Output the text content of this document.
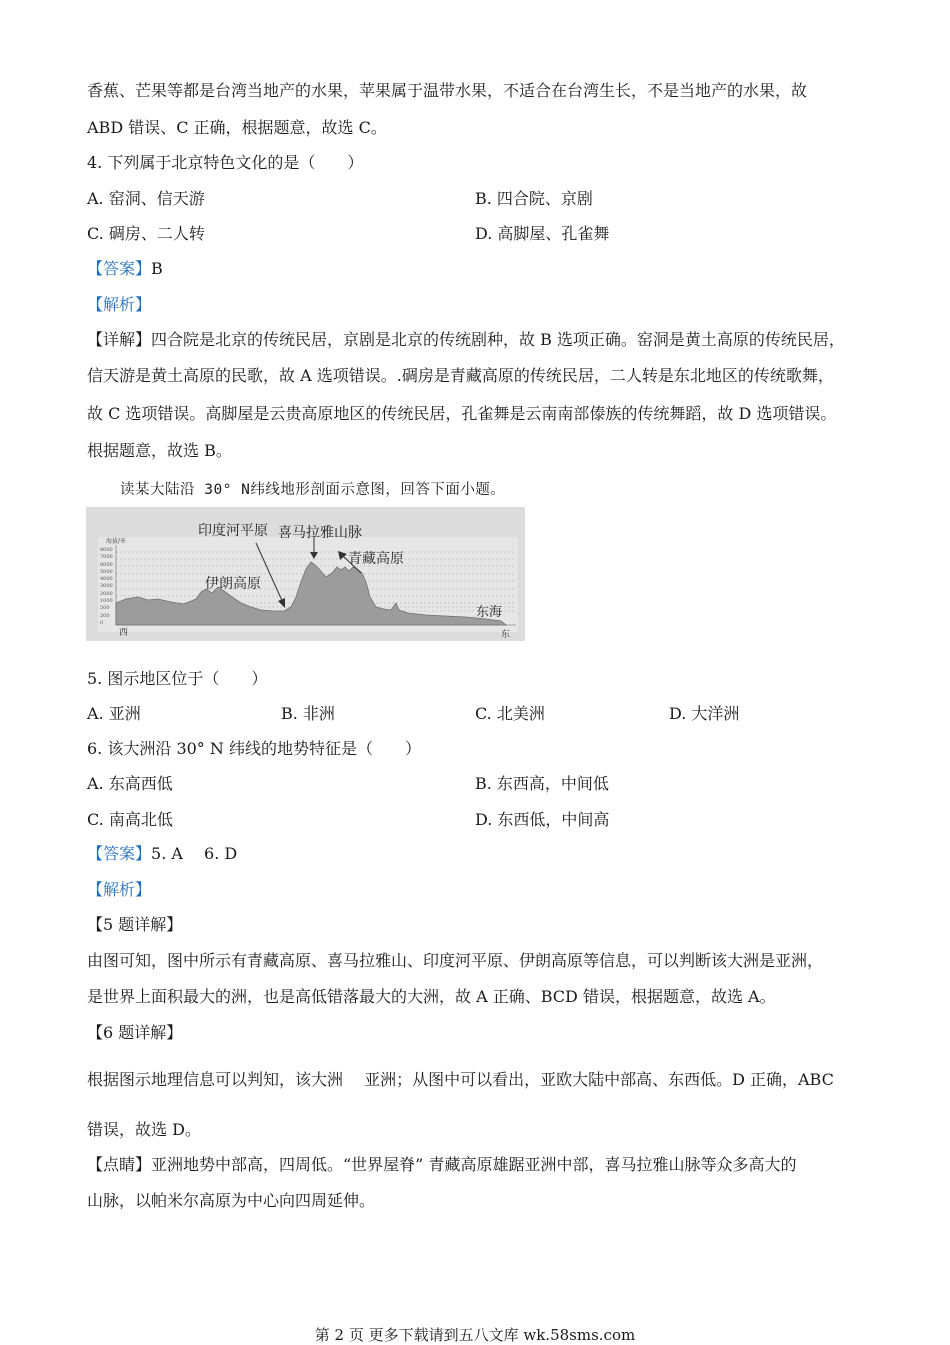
香蕉、芒果等都是台湾当地产的水果，苹果属于温带水果，不适合在台湾生长，不是当地产的水果，故
ABD 错误、C 正确，根据题意，故选 C。
4. 下列属于北京特色文化的是（　　）
A. 窑洞、信天游	B. 四合院、京剧
C. 碉房、二人转	D. 高脚屋、孔雀舞
【答案】B
【解析】
【详解】四合院是北京的传统民居，京剧是北京的传统剧种，故 B 选项正确。窑洞是黄土高原的传统民居，
信天游是黄土高原的民歌，故 A 选项错误。.碉房是青藏高原的传统民居，二人转是东北地区的传统歌舞，
故 C 选项错误。高脚屋是云贵高原地区的传统民居，孔雀舞是云南南部傣族的传统舞蹈，故 D 选项错误。
根据题意，故选 B。
读某大陆沿 30° N纬线地形剖面示意图，回答下面小题。
印度河平原 喜马拉雅山脉
青藏高原
伊朗高原
东海
海拔/米
8000
7000
6000
5000
4000
3000
2000
1000
500
200
0
西	东
5. 图示地区位于（　　）
A. 亚洲	B. 非洲	C. 北美洲	D. 大洋洲
6. 该大洲沿 30° N 纬线的地势特征是（　　）
A. 东高西低	B. 东西高，中间低
C. 南高北低	D. 东西低，中间高
【答案】5. A　 6. D
【解析】
【5 题详解】
由图可知，图中所示有青藏高原、喜马拉雅山、印度河平原、伊朗高原等信息，可以判断该大洲是亚洲，
是世界上面积最大的洲，也是高低错落最大的大洲，故 A 正确、BCD 错误，根据题意，故选 A。
【6 题详解】
根据图示地理信息可以判知，该大洲　 亚洲；从图中可以看出，亚欧大陆中部高、东西低。D 正确，ABC
错误，故选 D。
【点睛】亚洲地势中部高，四周低。“世界屋脊” 青藏高原雄踞亚洲中部，喜马拉雅山脉等众多高大的
山脉，以帕米尔高原为中心向四周延伸。
第 2 页 更多下载请到五八文库 wk.58sms.com
